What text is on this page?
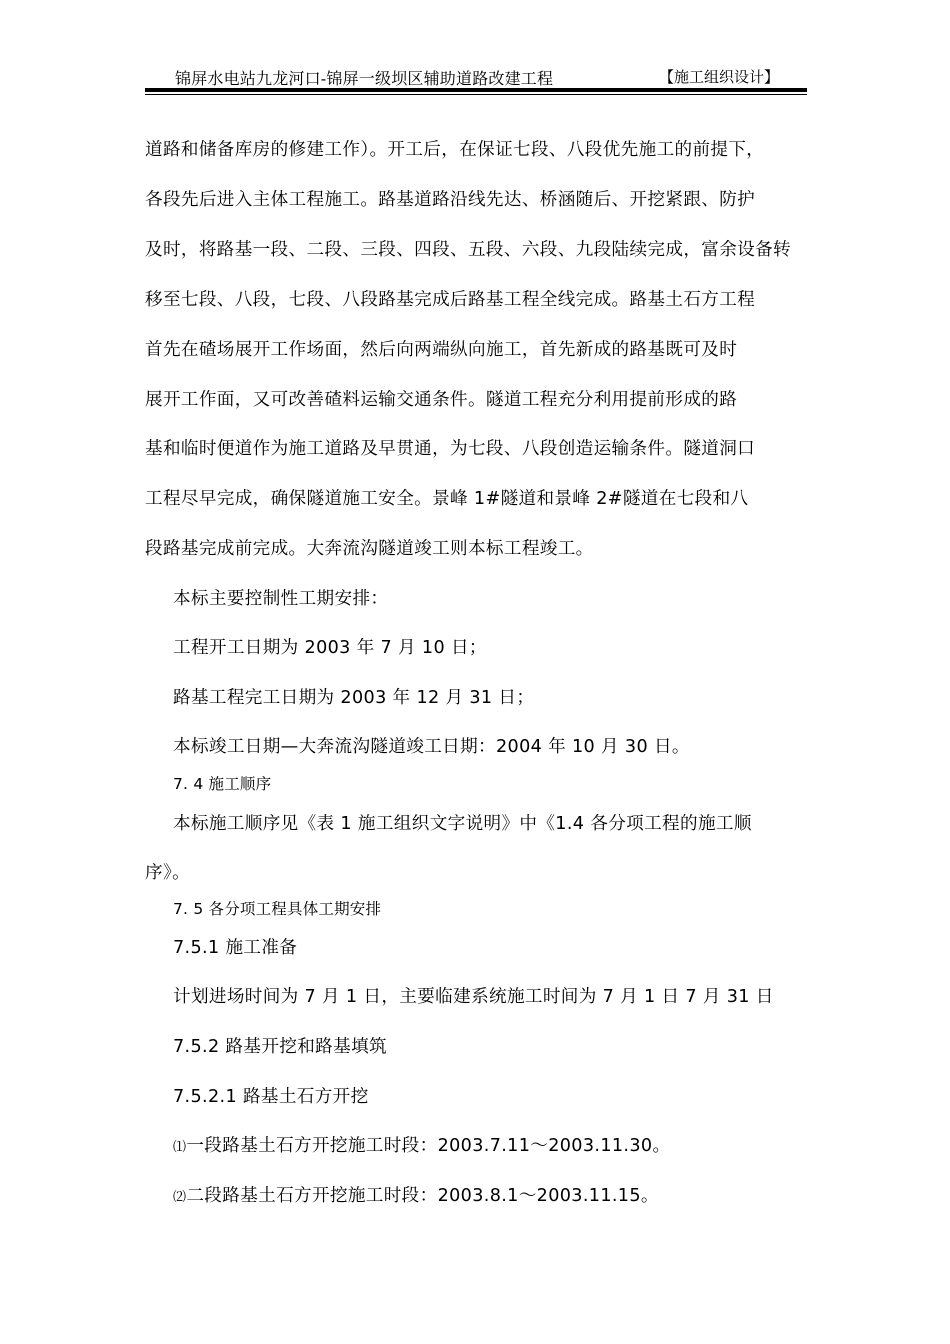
锦屏水电站九龙河口-锦屏一级坝区辅助道路改建工程	【施工组织设计】
道路和储备库房的修建工作）。开工后，在保证七段、八段优先施工的前提下，
各段先后进入主体工程施工。路基道路沿线先达、桥涵随后、开挖紧跟、防护
及时，将路基一段、二段、三段、四段、五段、六段、九段陆续完成，富余设备转
移至七段、八段，七段、八段路基完成后路基工程全线完成。路基土石方工程
首先在碴场展开工作场面，然后向两端纵向施工，首先新成的路基既可及时
展开工作面，又可改善碴料运输交通条件。隧道工程充分利用提前形成的路
基和临时便道作为施工道路及早贯通，为七段、八段创造运输条件。隧道洞口
工程尽早完成，确保隧道施工安全。景峰 1#隧道和景峰 2#隧道在七段和八
段路基完成前完成。大奔流沟隧道竣工则本标工程竣工。
本标主要控制性工期安排：
工程开工日期为 2003 年 7 月 10 日；
路基工程完工日期为 2003 年 12 月 31 日；
本标竣工日期—大奔流沟隧道竣工日期：2004 年 10 月 30 日。
7. 4 施工顺序
本标施工顺序见《表 1 施工组织文字说明》中《1.4 各分项工程的施工顺
序》。
7. 5 各分项工程具体工期安排
7.5.1 施工准备
计划进场时间为 7 月 1 日，主要临建系统施工时间为 7 月 1 日 7 月 31 日
7.5.2 路基开挖和路基填筑
7.5.2.1 路基土石方开挖
⑴一段路基土石方开挖施工时段：2003.7.11～2003.11.30。
⑵二段路基土石方开挖施工时段：2003.8.1～2003.11.15。
